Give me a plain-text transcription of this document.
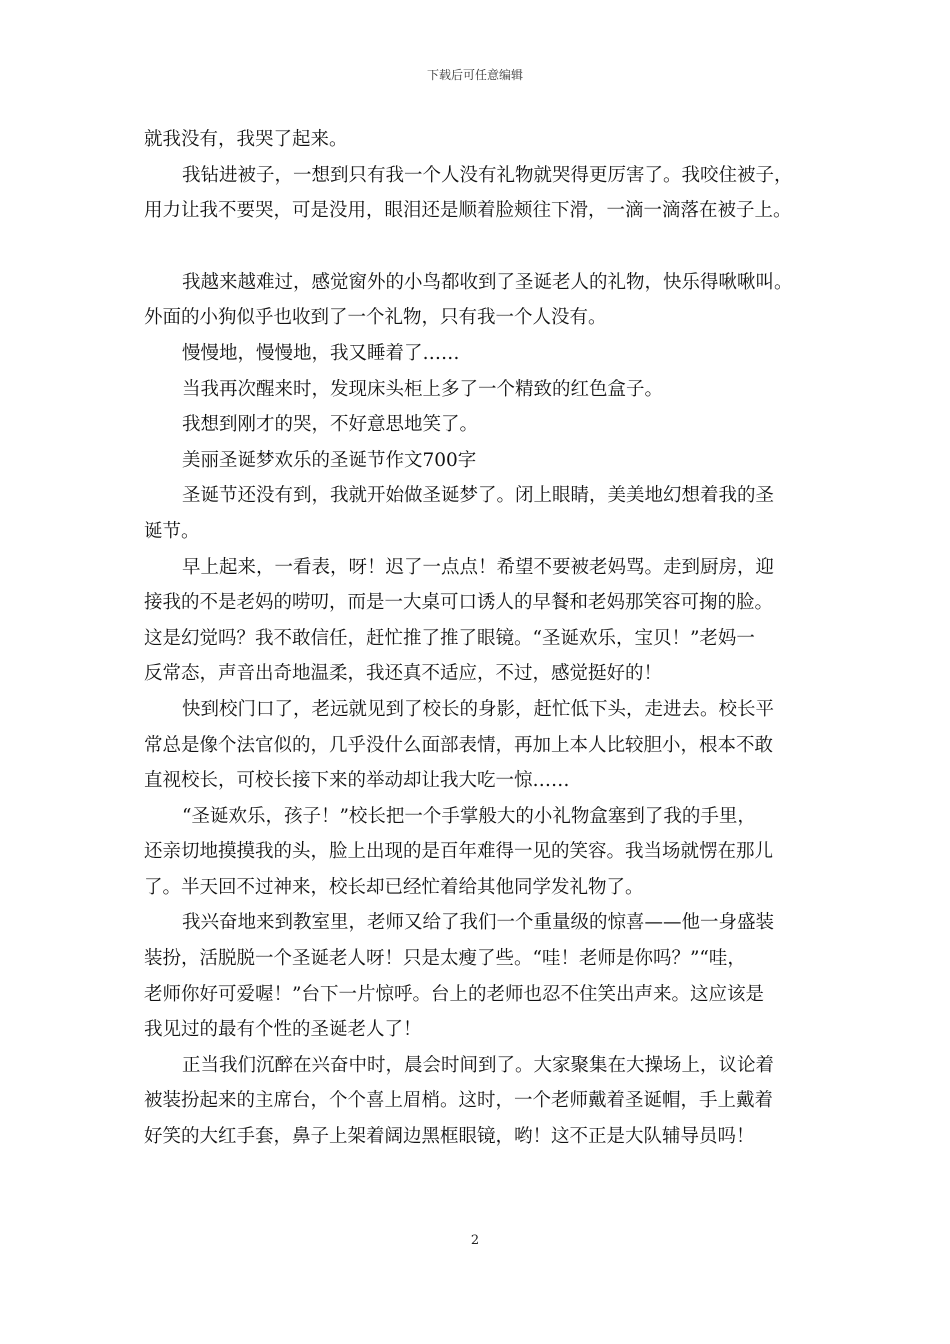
下载后可任意编辑

就我没有，我哭了起来。

我钻进被子，一想到只有我一个人没有礼物就哭得更厉害了。我咬住被子，

用力让我不要哭，可是没用，眼泪还是顺着脸颊往下滑，一滴一滴落在被子上。

我越来越难过，感觉窗外的小鸟都收到了圣诞老人的礼物，快乐得啾啾叫。

外面的小狗似乎也收到了一个礼物，只有我一个人没有。

慢慢地，慢慢地，我又睡着了……

当我再次醒来时，发现床头柜上多了一个精致的红色盒子。

我想到刚才的哭，不好意思地笑了。

美丽圣诞梦欢乐的圣诞节作文700字

圣诞节还没有到，我就开始做圣诞梦了。闭上眼睛，美美地幻想着我的圣

诞节。

早上起来，一看表，呀！迟了一点点！希望不要被老妈骂。走到厨房，迎

接我的不是老妈的唠叨，而是一大桌可口诱人的早餐和老妈那笑容可掬的脸。

这是幻觉吗？我不敢信任，赶忙推了推了眼镜。“圣诞欢乐，宝贝！”老妈一

反常态，声音出奇地温柔，我还真不适应，不过，感觉挺好的！

快到校门口了，老远就见到了校长的身影，赶忙低下头，走进去。校长平

常总是像个法官似的，几乎没什么面部表情，再加上本人比较胆小，根本不敢

直视校长，可校长接下来的举动却让我大吃一惊……

“圣诞欢乐，孩子！”校长把一个手掌般大的小礼物盒塞到了我的手里，

还亲切地摸摸我的头，脸上出现的是百年难得一见的笑容。我当场就愣在那儿

了。半天回不过神来，校长却已经忙着给其他同学发礼物了。

我兴奋地来到教室里，老师又给了我们一个重量级的惊喜——他一身盛装

装扮，活脱脱一个圣诞老人呀！只是太瘦了些。“哇！老师是你吗？”“哇，

老师你好可爱喔！”台下一片惊呼。台上的老师也忍不住笑出声来。这应该是

我见过的最有个性的圣诞老人了！

正当我们沉醉在兴奋中时，晨会时间到了。大家聚集在大操场上，议论着

被装扮起来的主席台，个个喜上眉梢。这时，一个老师戴着圣诞帽，手上戴着

好笑的大红手套，鼻子上架着阔边黑框眼镜，哟！这不正是大队辅导员吗！

2
